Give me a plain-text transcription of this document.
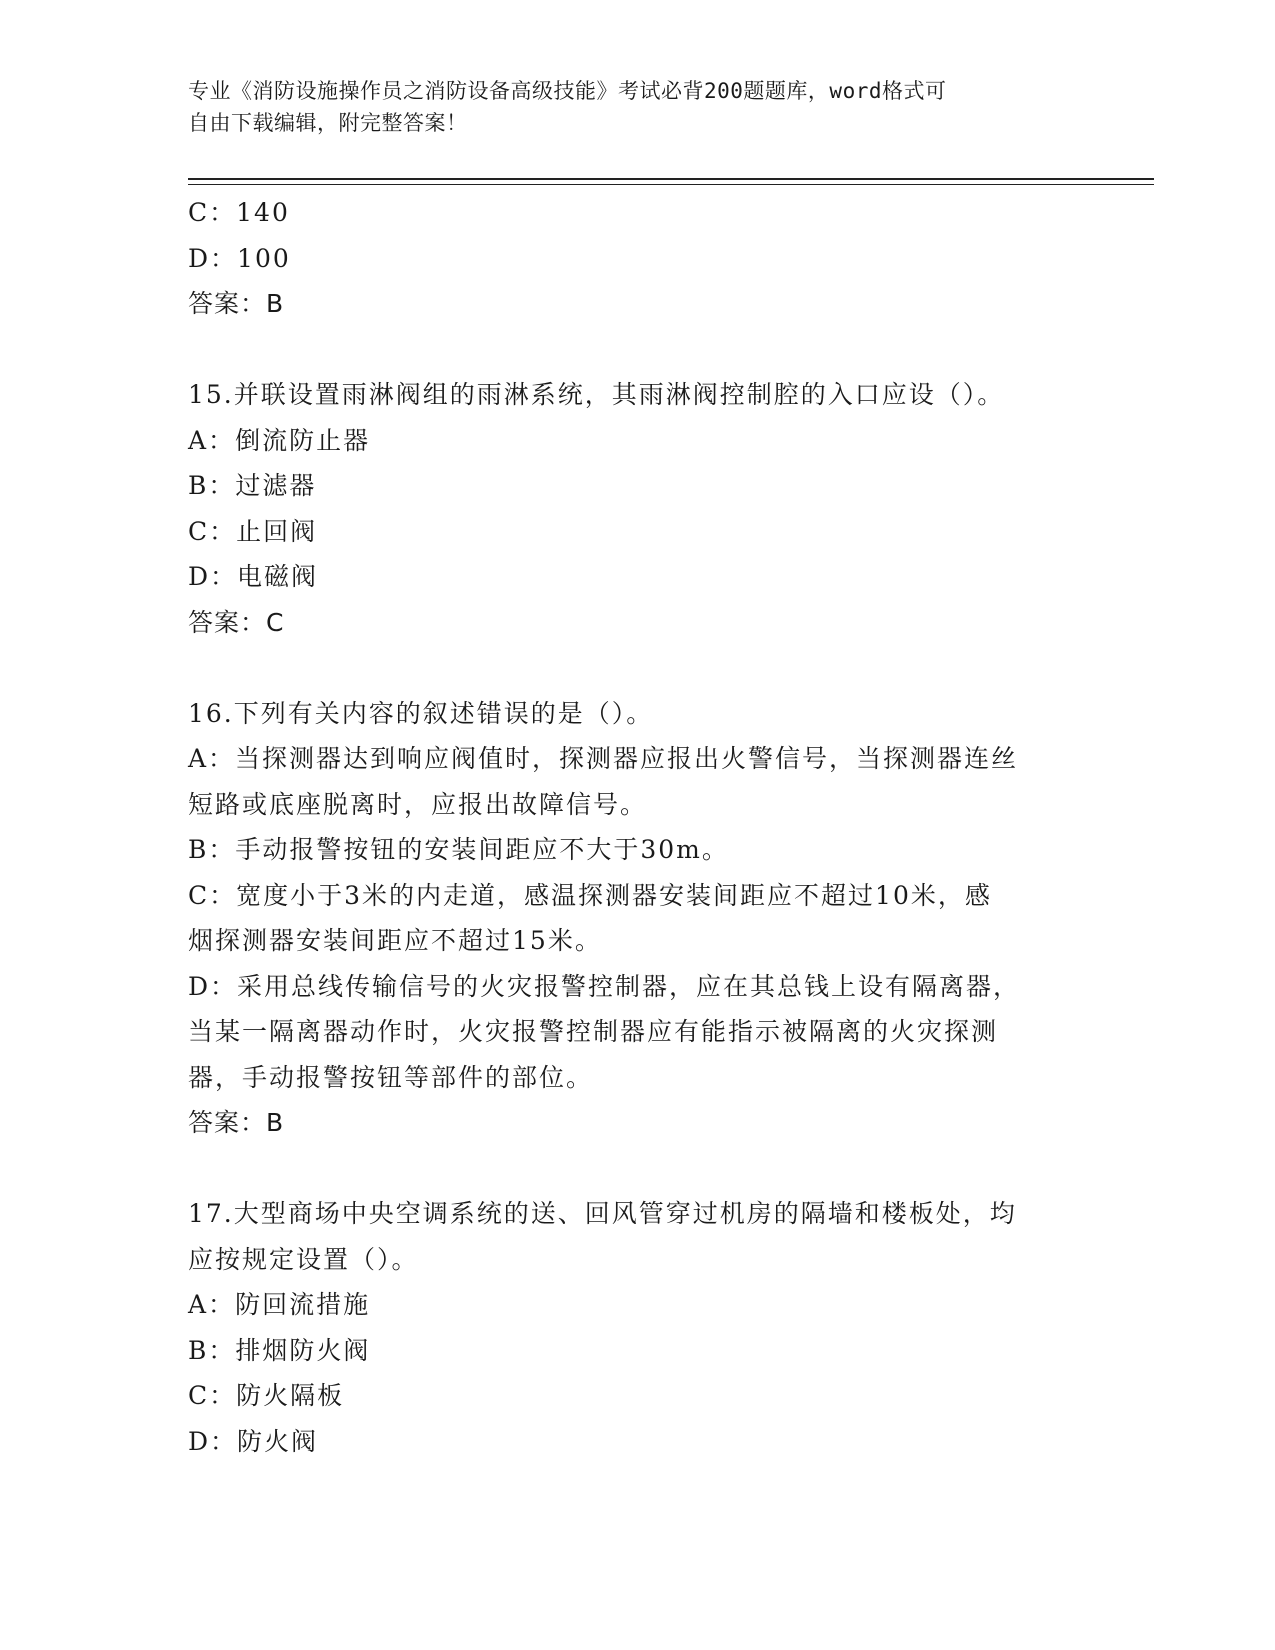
专业《消防设施操作员之消防设备高级技能》考试必背200题题库，word格式可
自由下载编辑，附完整答案！

C：140

D：100

答案：B

15.并联设置雨淋阀组的雨淋系统，其雨淋阀控制腔的入口应设（）。

A：倒流防止器

B：过滤器

C：止回阀

D：电磁阀

答案：C

16.下列有关内容的叙述错误的是（）。

A：当探测器达到响应阀值时，探测器应报出火警信号，当探测器连丝

短路或底座脱离时，应报出故障信号。

B：手动报警按钮的安装间距应不大于30m。

C：宽度小于3米的内走道，感温探测器安装间距应不超过10米，感

烟探测器安装间距应不超过15米。

D：采用总线传输信号的火灾报警控制器，应在其总钱上设有隔离器，

当某一隔离器动作时，火灾报警控制器应有能指示被隔离的火灾探测

器，手动报警按钮等部件的部位。

答案：B

17.大型商场中央空调系统的送、回风管穿过机房的隔墙和楼板处，均

应按规定设置（）。

A：防回流措施

B：排烟防火阀

C：防火隔板

D：防火阀
